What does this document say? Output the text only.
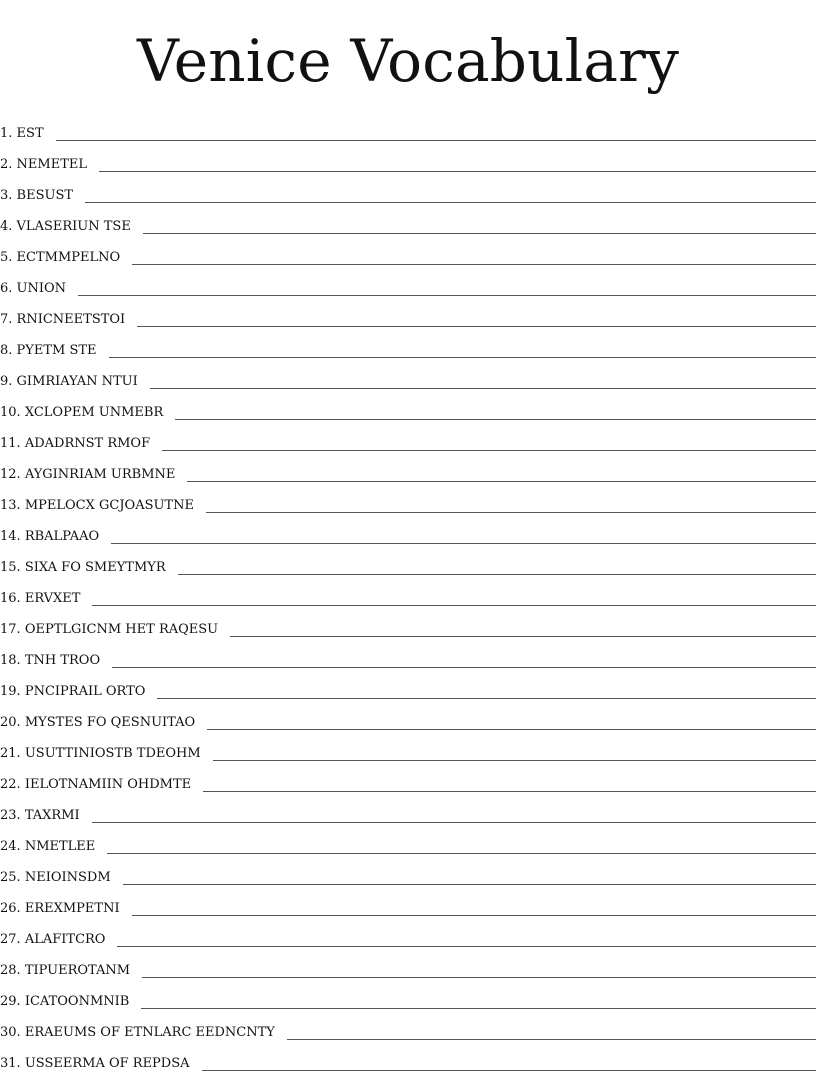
Venice Vocabulary
1. EST
2. NEMETEL
3. BESUST
4. VLASERIUN TSE
5. ECTMMPELNO
6. UNION
7. RNICNEETSTOI
8. PYETM STE
9. GIMRIAYAN NTUI
10. XCLOPEM UNMEBR
11. ADADRNST RMOF
12. AYGINRIAM URBMNE
13. MPELOCX GCJOASUTNE
14. RBALPAAO
15. SIXA FO SMEYTMYR
16. ERVXET
17. OEPTLGICNM HET RAQESU
18. TNH TROO
19. PNCIPRAIL ORTO
20. MYSTES FO QESNUITAO
21. USUTTINIOSTB TDEOHM
22. IELOTNAMIIN OHDMTE
23. TAXRMI
24. NMETLEE
25. NEIOINSDM
26. EREXMPETNI
27. ALAFITCRO
28. TIPUEROTANM
29. ICATOONMNIB
30. ERAEUMS OF ETNLARC EEDNCNTY
31. USSEERMA OF REPDSA
